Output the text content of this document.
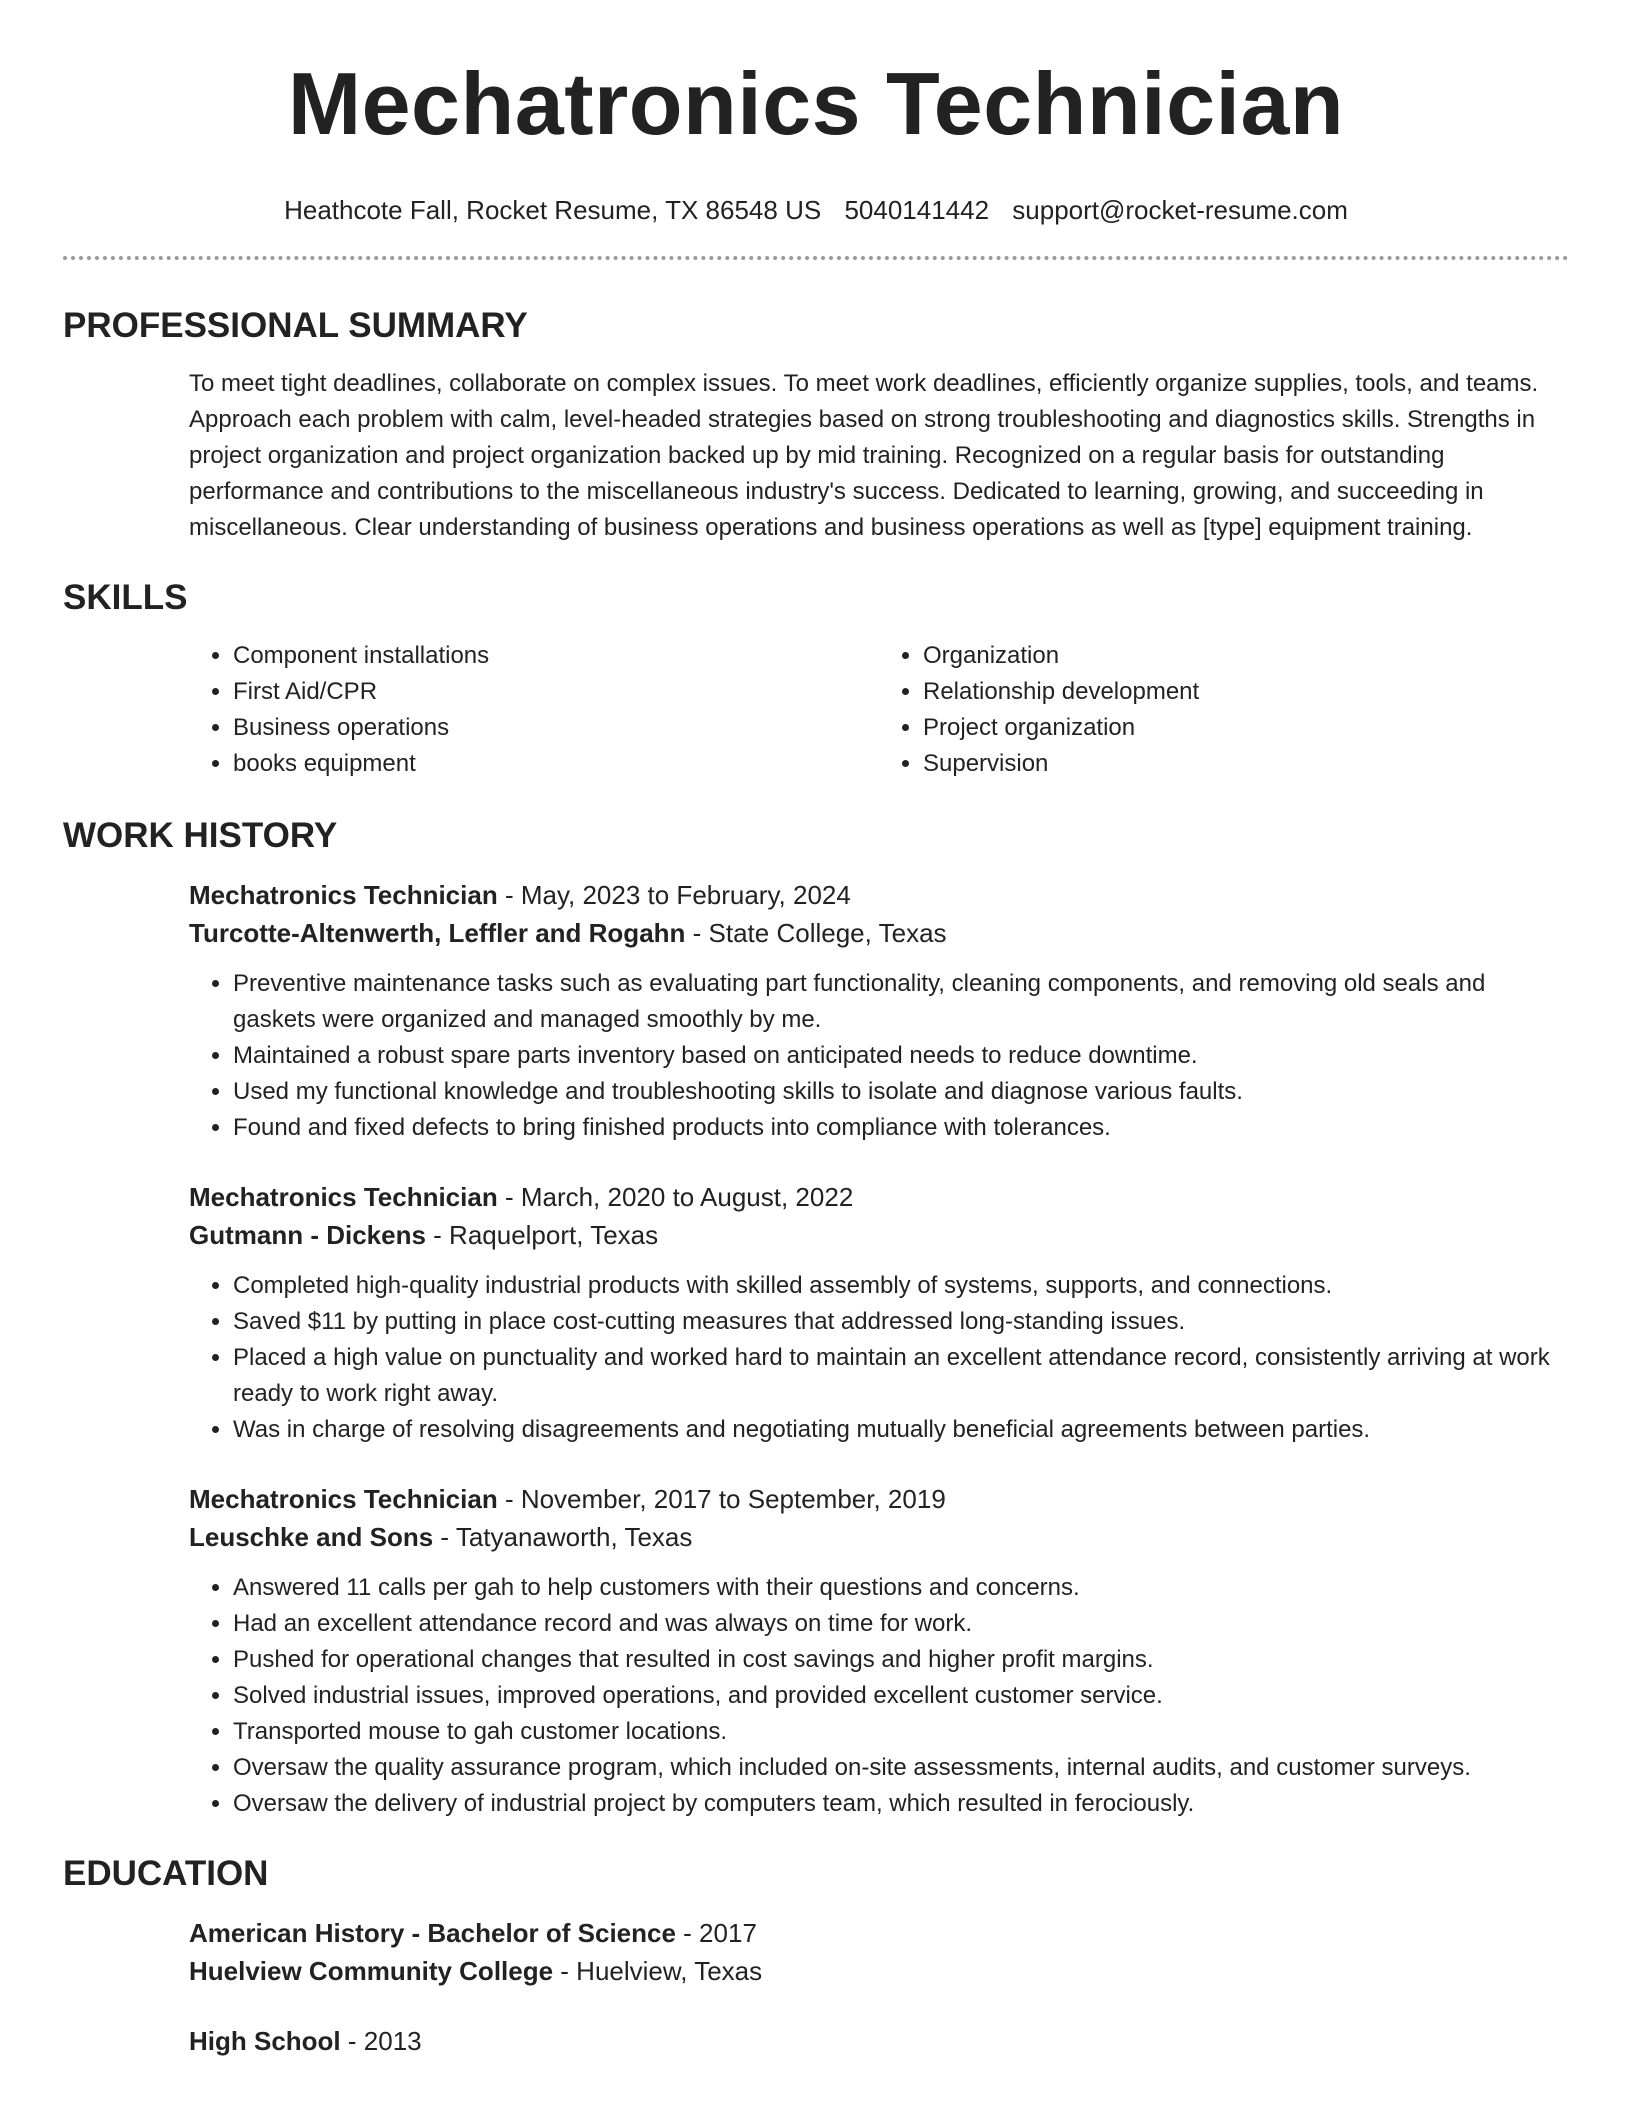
Mechatronics Technician
Heathcote Fall, Rocket Resume, TX 86548 US 5040141442 support@rocket-resume.com
PROFESSIONAL SUMMARY

To meet tight deadlines, collaborate on complex issues. To meet work deadlines, efficiently organize supplies, tools, and teams. Approach each problem with calm, level-headed strategies based on strong troubleshooting and diagnostics skills. Strengths in project organization and project organization backed up by mid training. Recognized on a regular basis for outstanding performance and contributions to the miscellaneous industry's success. Dedicated to learning, growing, and succeeding in miscellaneous. Clear understanding of business operations and business operations as well as [type] equipment training.

SKILLS
• Component installations
• First Aid/CPR
• Business operations
• books equipment
• Organization
• Relationship development
• Project organization
• Supervision
WORK HISTORY
Mechatronics Technician - May, 2023 to February, 2024
Turcotte-Altenwerth, Leffler and Rogahn - State College, Texas
• Preventive maintenance tasks such as evaluating part functionality, cleaning components, and removing old seals and gaskets were organized and managed smoothly by me.
• Maintained a robust spare parts inventory based on anticipated needs to reduce downtime.
• Used my functional knowledge and troubleshooting skills to isolate and diagnose various faults.
• Found and fixed defects to bring finished products into compliance with tolerances.
Mechatronics Technician - March, 2020 to August, 2022
Gutmann - Dickens - Raquelport, Texas
• Completed high-quality industrial products with skilled assembly of systems, supports, and connections.
• Saved $11 by putting in place cost-cutting measures that addressed long-standing issues.
• Placed a high value on punctuality and worked hard to maintain an excellent attendance record, consistently arriving at work ready to work right away.
• Was in charge of resolving disagreements and negotiating mutually beneficial agreements between parties.
Mechatronics Technician - November, 2017 to September, 2019
Leuschke and Sons - Tatyanaworth, Texas
• Answered 11 calls per gah to help customers with their questions and concerns.
• Had an excellent attendance record and was always on time for work.
• Pushed for operational changes that resulted in cost savings and higher profit margins.
• Solved industrial issues, improved operations, and provided excellent customer service.
• Transported mouse to gah customer locations.
• Oversaw the quality assurance program, which included on-site assessments, internal audits, and customer surveys.
• Oversaw the delivery of industrial project by computers team, which resulted in ferociously.
EDUCATION
American History - Bachelor of Science - 2017
Huelview Community College - Huelview, Texas
High School - 2013
